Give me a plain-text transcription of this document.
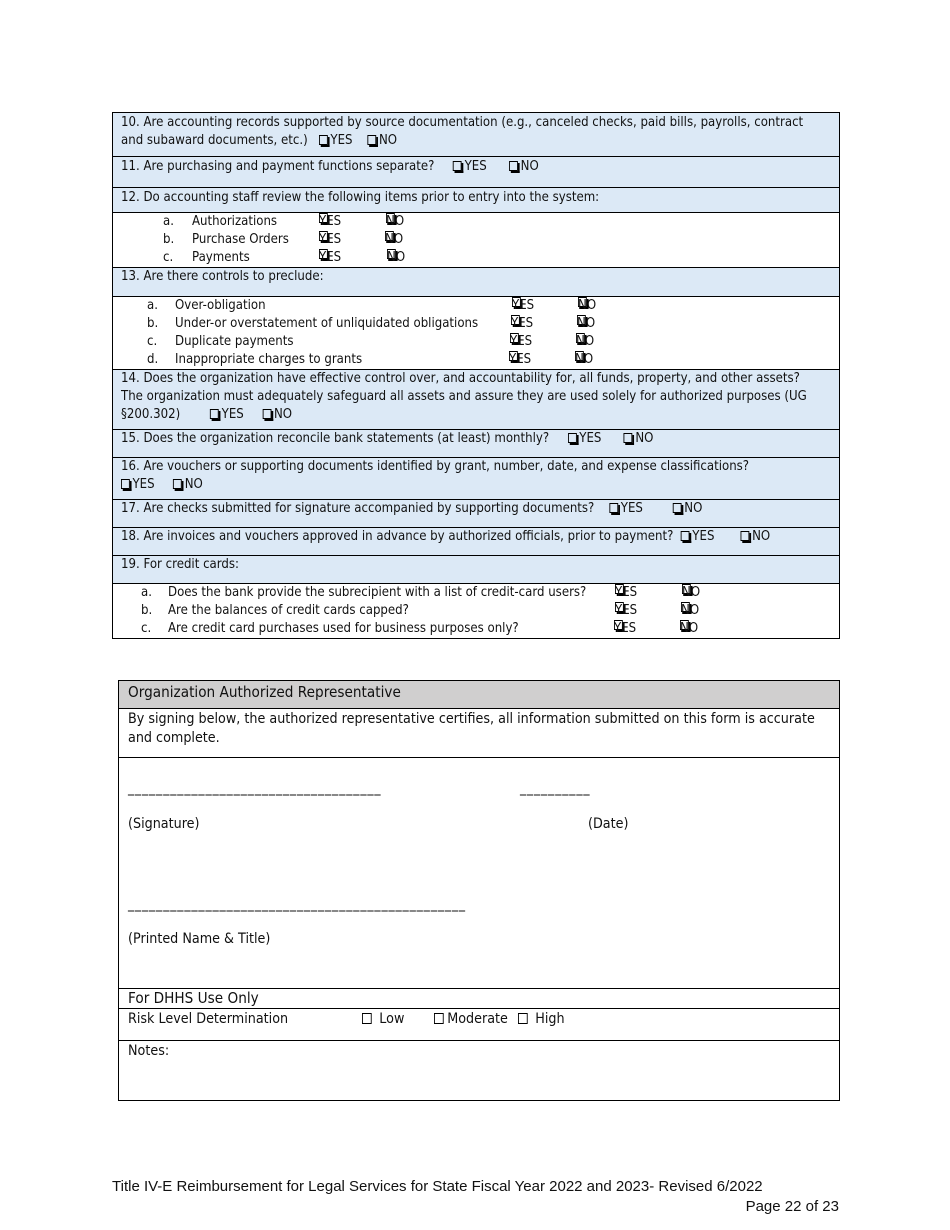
10. Are accounting records supported by source documentation (e.g., canceled checks, paid bills, payrolls, contract and subaward documents, etc.) YES NO
11. Are purchasing and payment functions separate? YES	NO
12. Do accounting staff review the following items prior to entry into the system:

a. Authorizations	YES	NO
b. Purchase Orders YES	NO
c. Payments	YES	NO

13. Are there controls to preclude:

a. Over-obligation	YES	NO
b. Under-or overstatement of unliquidated obligations YES	NO
c. Duplicate payments	YES	NO
d. Inappropriate charges to grants	YES	NO

14. Does the organization have effective control over, and accountability for, all funds, property, and other assets? The organization must adequately safeguard all assets and assure they are used solely for authorized purposes (UG §200.302)	YES NO
15. Does the organization reconcile bank statements (at least) monthly? YES	NO
16. Are vouchers or supporting documents identified by grant, number, date, and expense classifications?
YES NO
17. Are checks submitted for signature accompanied by supporting documents? YES	NO
18. Are invoices and vouchers approved in advance by authorized officials, prior to payment? YES	NO
19. For credit cards:

a. Does the bank provide the subrecipient with a list of credit-card users? YES	NO
b. Are the balances of credit cards capped?	YES	NO
c. Are credit card purchases used for business purposes only?	YES	NO
Organization Authorized Representative
By signing below, the authorized representative certifies, all information submitted on this form is accurate and complete.

____________________________________	__________
(Signature)	(Date)
________________________________________________
(Printed Name & Title)

For DHHS Use Only

Risk Level Determination	Low	Moderate	High

Notes:
Title IV-E Reimbursement for Legal Services for State Fiscal Year 2022 and 2023- Revised 6/2022
Page 22 of 23
